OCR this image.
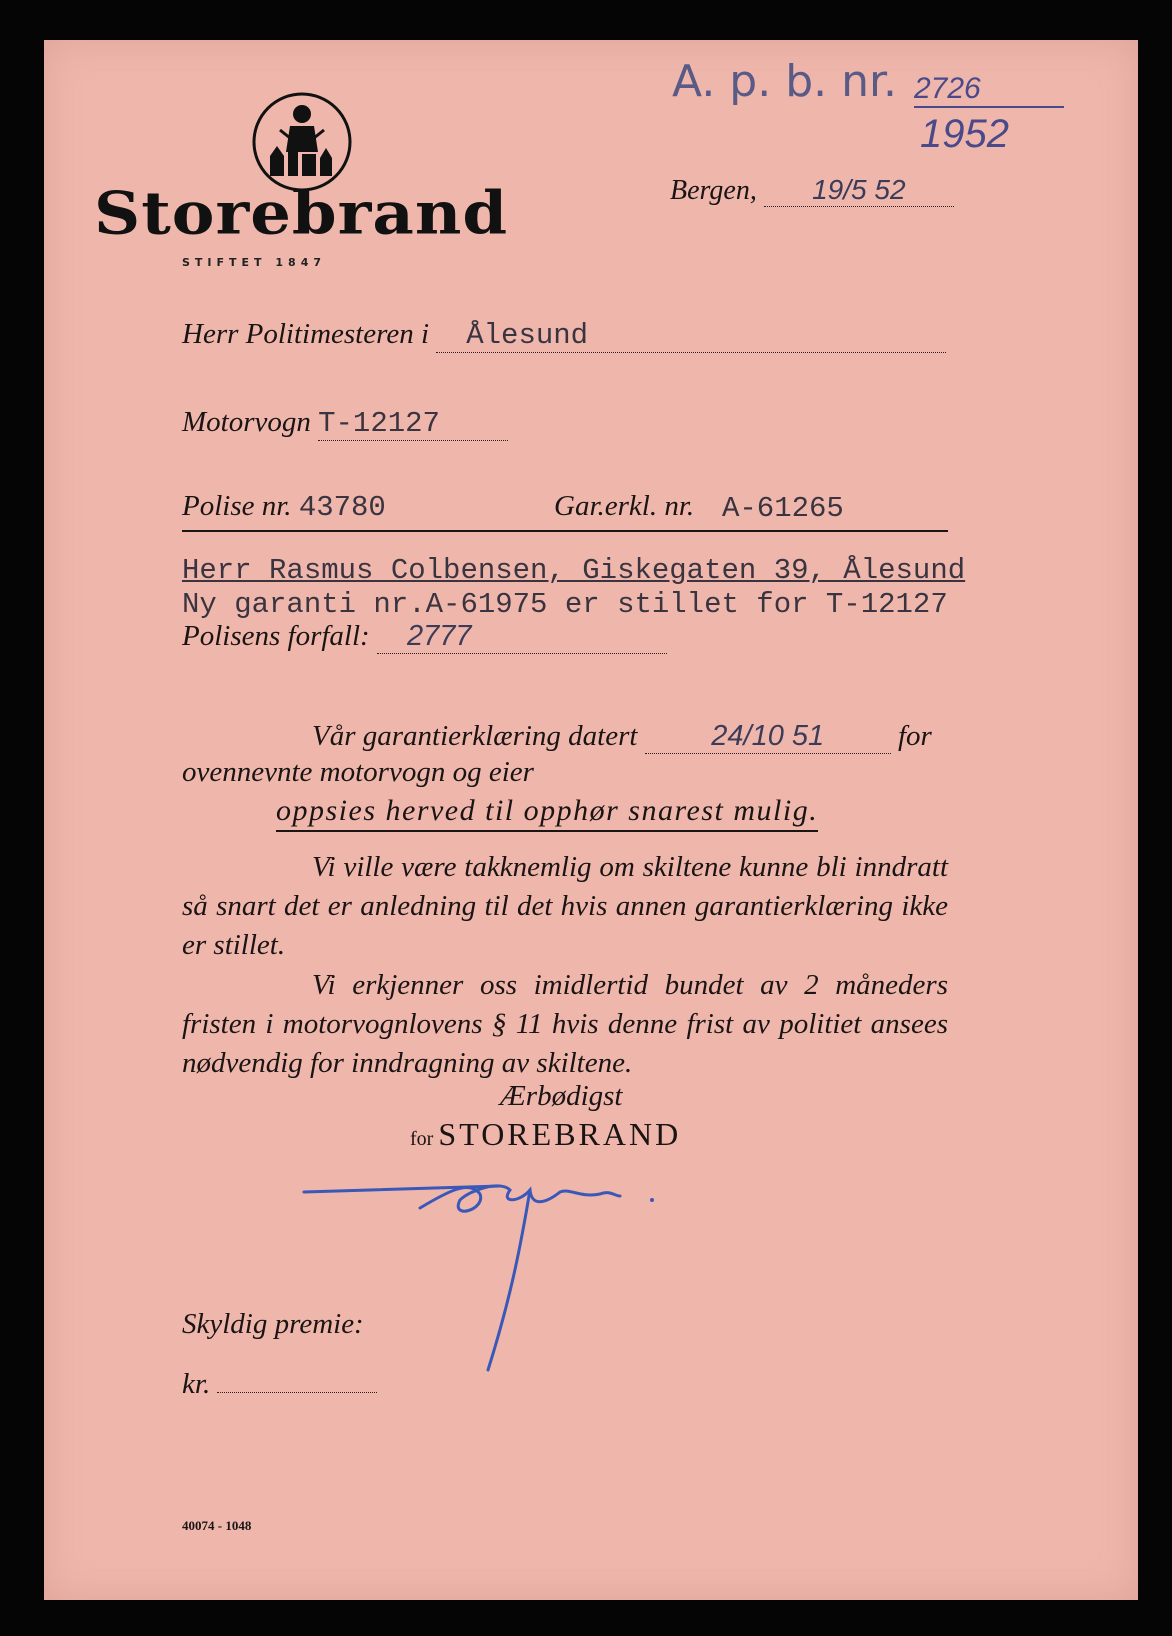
Storebrand
STIFTET 1847
A. p. b. nr. 2726
1952
Bergen, 19/5 52
Herr Politimesteren i Ålesund
Motorvogn T-12127
Polise nr. 43780	Gar.erkl. nr. A-61265
Herr Rasmus Colbensen, Giskegaten 39, Ålesund
Ny garanti nr.A-61975 er stillet for T-12127
Polisens forfall: 2777
Vår garantierklæring datert	24/10 51	for
ovennevnte motorvogn og eier
oppsies herved til opphør snarest mulig.
Vi ville være takknemlig om skiltene kunne bli inndratt så snart det er anledning til det hvis annen garantierklæring ikke er stillet.
Vi erkjenner oss imidlertid bundet av 2 måneders fristen i motorvognlovens § 11 hvis denne frist av politiet ansees nødvendig for inndragning av skiltene.
Ærbødigst
for STOREBRAND
Skyldig premie:
kr.
40074 - 1048
